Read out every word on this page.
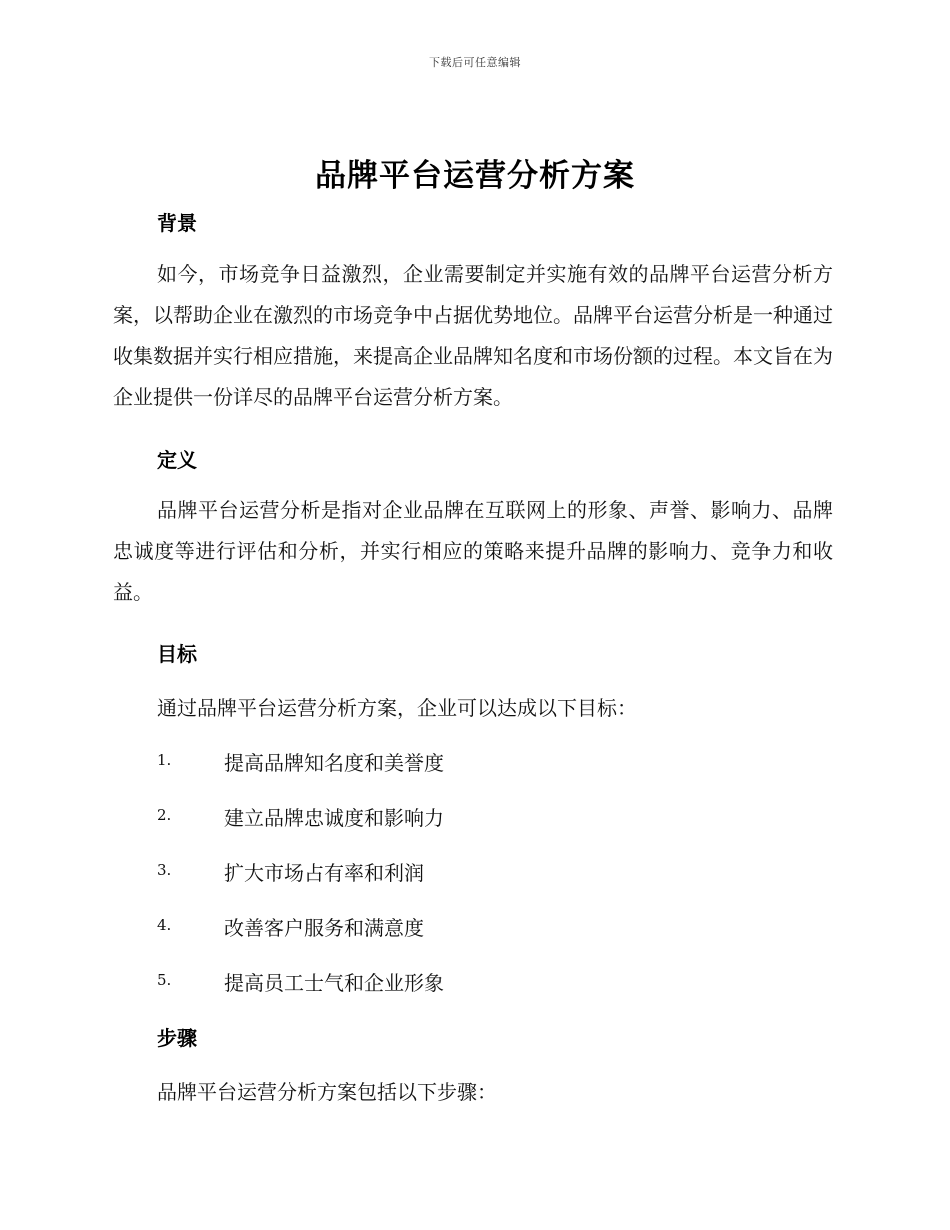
下载后可任意编辑
品牌平台运营分析方案
背景

如今，市场竞争日益激烈，企业需要制定并实施有效的品牌平台运营分析方案，以帮助企业在激烈的市场竞争中占据优势地位。品牌平台运营分析是一种通过收集数据并实行相应措施，来提高企业品牌知名度和市场份额的过程。本文旨在为企业提供一份详尽的品牌平台运营分析方案。

定义

品牌平台运营分析是指对企业品牌在互联网上的形象、声誉、影响力、品牌忠诚度等进行评估和分析，并实行相应的策略来提升品牌的影响力、竞争力和收益。

目标

通过品牌平台运营分析方案，企业可以达成以下目标：

1.	提高品牌知名度和美誉度
2.	建立品牌忠诚度和影响力
3.	扩大市场占有率和利润
4.	改善客户服务和满意度
5.	提高员工士气和企业形象
步骤

品牌平台运营分析方案包括以下步骤：
